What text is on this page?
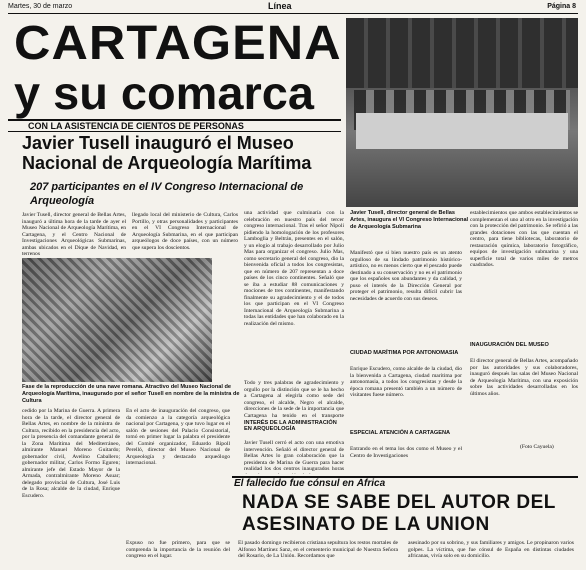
Martes, 30 de marzo	Línea	Página 8
CARTAGENA
y su comarca
CON LA ASISTENCIA DE CIENTOS DE PERSONAS
Javier Tusell inauguró el Museo Nacional de Arqueología Marítima
207 participantes en el IV Congreso Internacional de Arqueología
Javier Tusell, director general de Bellas Artes, inauguró a última hora de la tarde de ayer el Museo Nacional de Arqueología Marítima, en Cartagena, y el Centro Nacional de Investigaciones Arqueológicas Submarinas, ambas ubicados en el Dique de Navidad, en terrenos
llegado local del ministerio de Cultura, Carlos Portillo, y otras personalidades y participantes en el VI Congreso Internacional de Arqueología Submarina, en el que participan arqueólogos de doce países, con un número que supera los doscientos.
Fase de la reproducción de una nave romana. Atractivo del Museo Nacional de Arqueología Marítima, inaugurado por el señor Tusell en nombre de la ministra de Cultura
cedido por la Marina de Guerra. A primera hora de la tarde, el director general de Bellas Artes, en nombre de la ministra de Cultura, recibido en la presidencia del acto, por la presencia del comandante general de la Zona Marítima del Mediterráneo, almirante Manuel Moreno Guitardo; gobernador civil, Avelino Caballero; gobernador militar, Carlos Formo Eguren; almirante jefe del Estado Mayor de la Armada, contralmirante Moreno Asuar; delegado provincial de Cultura, José Luis de la Rosa; alcalde de la ciudad, Enrique Escudero.
En el acto de inauguración del congreso, que da comienzo a la categoría arqueológica nacional por Cartagena, y que tuvo lugar en el salón de sesiones del Palacio Consistorial, tomó en primer lugar la palabra el presidente del Comité organizador, Eduardo Ripoll Perelló, director del Museo Nacional de Arqueología y destacado arqueólogo internacional.
Expuso no fue primero, para que se comprenda la importancia de la reunión del congreso en el lugar.
una actividad que culminaría con la celebración en nuestro país del tercer congreso internacional. Tras el señor Nipoli pidiendo la homologación de los profesores Lamboglia y Beltrán, presentes en el salón, y un elogio al trabajo desarrollado por Julio Mas para organizar el congreso. Julio Mas, como secretario general del congreso, dio la bienvenida oficial a todos los congresistas, que en número de 207 representan a doce países de los cinco continentes. Señaló que se iba a estudiar 88 comunicaciones y mociones de tres continentes, manifestando finalmente su agradecimiento y el de todos los que participan en el VI Congreso Internacional de Arqueología Submarina a todas las entidades que han colaborado en la realización del mismo.
Todo y tres palabras de agradecimiento y orgullo por la distinción que se le ha hecho a Cartagena al elegirla como sede del congreso, el alcalde, Negro el alcalde, direcciones de la sede de la importancia que Cartagena ha tenido en el transporte
INTERÉS DE LA ADMINISTRACIÓN EN ARQUEOLOGÍA
Javier Tusell cerró el acto con una emotiva intervención. Señaló el director general de Bellas Artes lo gran colaboración que la presidenta de Marina de Guerra para hacer realidad los dos centros inaugurados horas
Javier Tusell, director general de Bellas Artes, inaugura el VI Congreso Internacional de Arqueología Submarina
Manifestó que si bien nuestro país es un atento orgulloso de su lindado patrimonio histórico-artístico, no es menos cierto que el pescado puede destinado a su conservación y no es el patrimonio que los españoles son abundantes y da calidad, y puso el interés de la Dirección General por proteger el patrimonio, resulta difícil cubrir las necesidades de acuerdo con sus deseos.
CIUDAD MARÍTIMA POR ANTONOMASIA
Enrique Escudero, como alcalde de la ciudad, dio la bienvenida a Cartagena, ciudad marítima por antonomasia, a todos los congresistas y desde la época romana presentó también a un número de visitantes fuese número.
ESPECIAL ATENCIÓN A CARTAGENA
Entrando en el tema los dos como el Museo y el Centro de Investigaciones
establecimientos que ambos establecimientos se complementan el uno al otro en la investigación con la protección del patrimonio. Se refirió a las grandes dotaciones con las que cuentan el centro, para tiene bibliotecas, laboratorio de restauración química, laboratorio fotográfico, equipos de investigación submarina y una superficie total de varios miles de metros cuadrados.
INAUGURACIÓN DEL MUSEO
El director general de Bellas Artes, acompañado por las autoridades y sus colaboradores, inauguró después las salas del Museo Nacional de Arqueología Marítima, con una exposición sobre las actividades desarrolladas en los últimos años.
(Foto Cayuela)
El fallecido fue cónsul en África
NADA SE SABE DEL AUTOR DEL
ASESINATO DE LA UNION
El pasado domingo recibieron cristiana sepultura los restos mortales de Alfonso Martínez Sanz, en el cementerio municipal de Nuestra Señora del Rosario, de La Unión. Recordamos que
asesinado por su sobrino, y sus familiares y amigos. Le propinaron varios golpes. La víctima, que fue cónsul de España en distintas ciudades africanas, vivía solo en su domicilio.
